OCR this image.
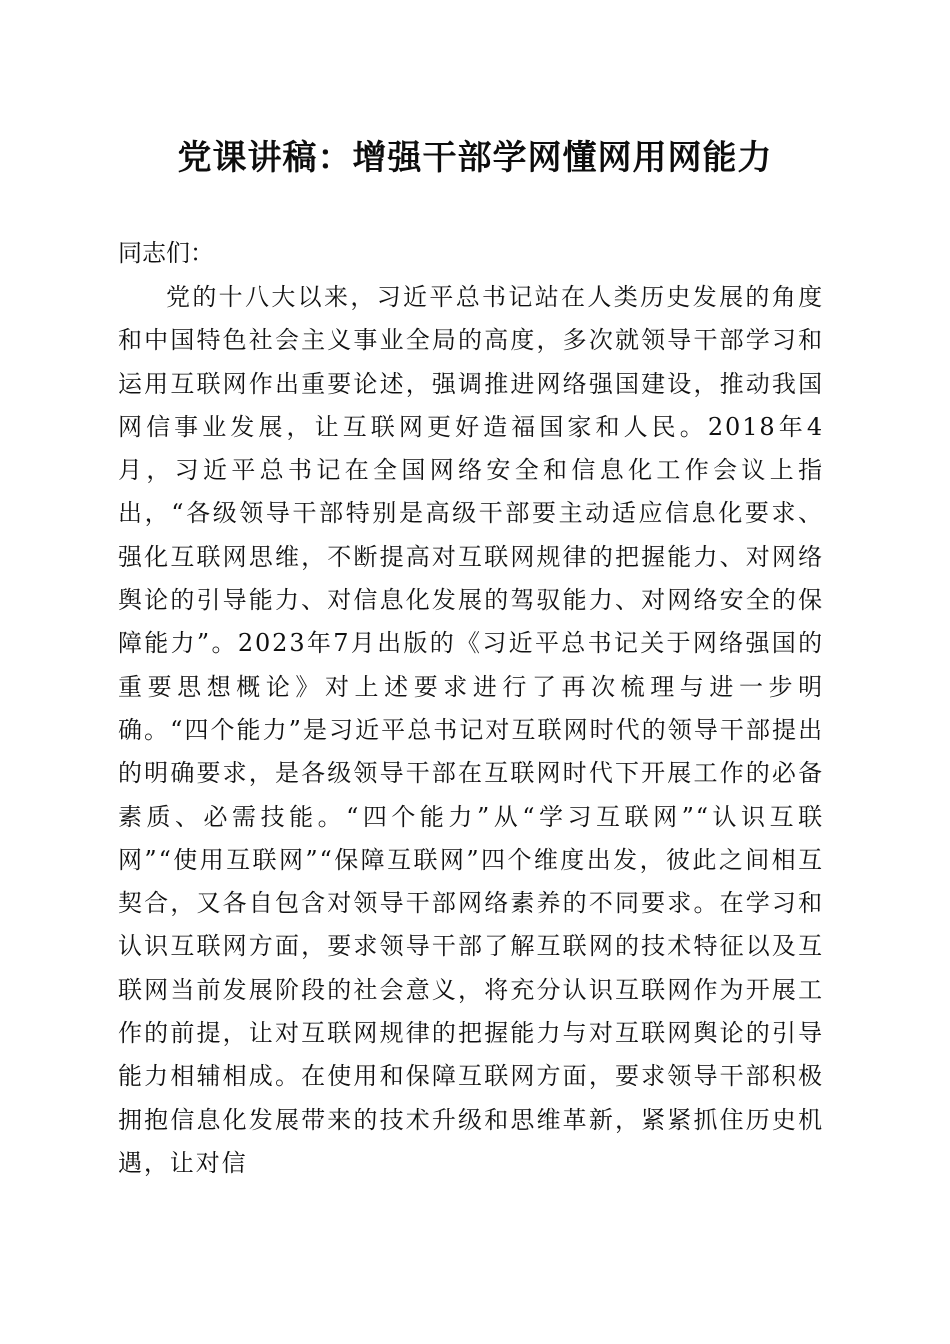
党课讲稿：增强干部学网懂网用网能力

同志们：

党的十八大以来，习近平总书记站在人类历史发展的角度和中国特色社会主义事业全局的高度，多次就领导干部学习和运用互联网作出重要论述，强调推进网络强国建设，推动我国网信事业发展，让互联网更好造福国家和人民。2018年4月，习近平总书记在全国网络安全和信息化工作会议上指出，“各级领导干部特别是高级干部要主动适应信息化要求、强化互联网思维，不断提高对互联网规律的把握能力、对网络舆论的引导能力、对信息化发展的驾驭能力、对网络安全的保障能力”。2023年7月出版的《习近平总书记关于网络强国的重要思想概论》对上述要求进行了再次梳理与进一步明确。“四个能力”是习近平总书记对互联网时代的领导干部提出的明确要求，是各级领导干部在互联网时代下开展工作的必备素质、必需技能。“四个能力”从“学习互联网”“认识互联网”“使用互联网”“保障互联网”四个维度出发，彼此之间相互契合，又各自包含对领导干部网络素养的不同要求。在学习和认识互联网方面，要求领导干部了解互联网的技术特征以及互联网当前发展阶段的社会意义，将充分认识互联网作为开展工作的前提，让对互联网规律的把握能力与对互联网舆论的引导能力相辅相成。在使用和保障互联网方面，要求领导干部积极拥抱信息化发展带来的技术升级和思维革新，紧紧抓住历史机遇，让对信
